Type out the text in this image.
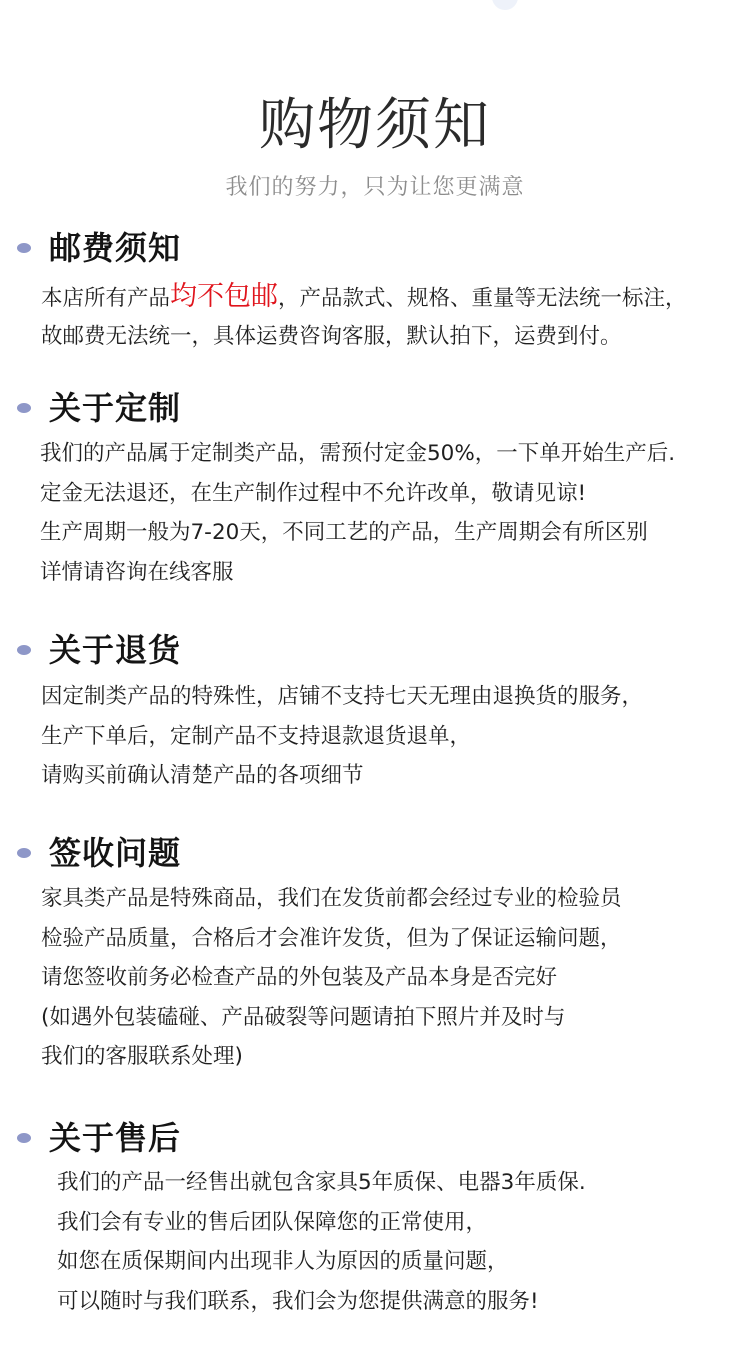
购物须知
我们的努力，只为让您更满意
邮费须知
本店所有产品均不包邮，产品款式、规格、重量等无法统一标注，
故邮费无法统一，具体运费咨询客服，默认拍下，运费到付。
关于定制
我们的产品属于定制类产品，需预付定金50%，一下单开始生产后.
定金无法退还，在生产制作过程中不允许改单，敬请见谅!
生产周期一般为7-20天，不同工艺的产品，生产周期会有所区别
详情请咨询在线客服
关于退货
因定制类产品的特殊性，店铺不支持七天无理由退换货的服务，
生产下单后，定制产品不支持退款退货退单，
请购买前确认清楚产品的各项细节
签收问题
家具类产品是特殊商品，我们在发货前都会经过专业的检验员
检验产品质量，合格后才会准许发货，但为了保证运输问题，
请您签收前务必检查产品的外包装及产品本身是否完好
(如遇外包装磕碰、产品破裂等问题请拍下照片并及时与
我们的客服联系处理)
关于售后
我们的产品一经售出就包含家具5年质保、电器3年质保.
我们会有专业的售后团队保障您的正常使用，
如您在质保期间内出现非人为原因的质量问题，
可以随时与我们联系，我们会为您提供满意的服务!
